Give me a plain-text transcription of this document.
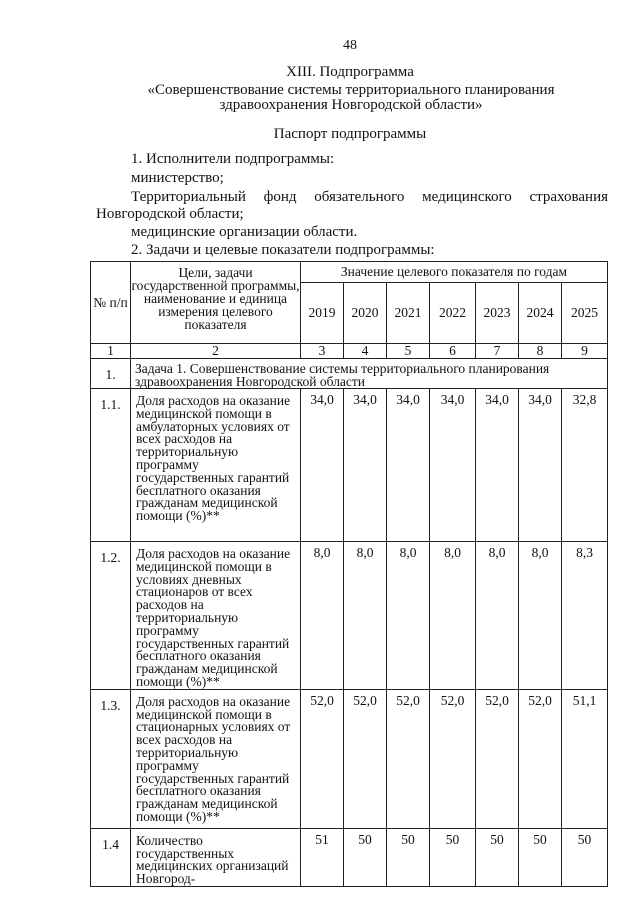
48
XIII. Подпрограмма
«Совершенствование системы территориального планирования здравоохранения Новгородской области»
Паспорт подпрограммы
1. Исполнители подпрограммы:
министерство;
Территориальный фонд обязательного медицинского страхования Новгородской области;
медицинские организации области.
2. Задачи и целевые показатели подпрограммы:
№ п/п	Цели, задачи государственной программы, наименование и единица измерения целевого показателя	Значение целевого показателя по годам						
		2019	2020	2021	2022	2023	2024	2025
1	2	3	4	5	6	7	8	9
1.	Задача 1. Совершенствование системы территориального планирования здравоохранения Новгородской области							
1.1.	Доля расходов на оказание медицинской помощи в амбулаторных условиях от всех расходов на территориальную программу государственных гарантий бесплатного оказания гражданам медицинской помощи (%)**	34,0	34,0	34,0	34,0	34,0	34,0	32,8
1.2.	Доля расходов на оказание медицинской помощи в условиях дневных стационаров от всех расходов на территориальную программу государственных гарантий бесплатного оказания гражданам медицинской помощи (%)**	8,0	8,0	8,0	8,0	8,0	8,0	8,3
1.3.	Доля расходов на оказание медицинской помощи в стационарных условиях от всех расходов на территориальную программу государственных гарантий бесплатного оказания гражданам медицинской помощи (%)**	52,0	52,0	52,0	52,0	52,0	52,0	51,1
1.4	Количество государственных медицинских организаций Новгород-	51	50	50	50	50	50	50
